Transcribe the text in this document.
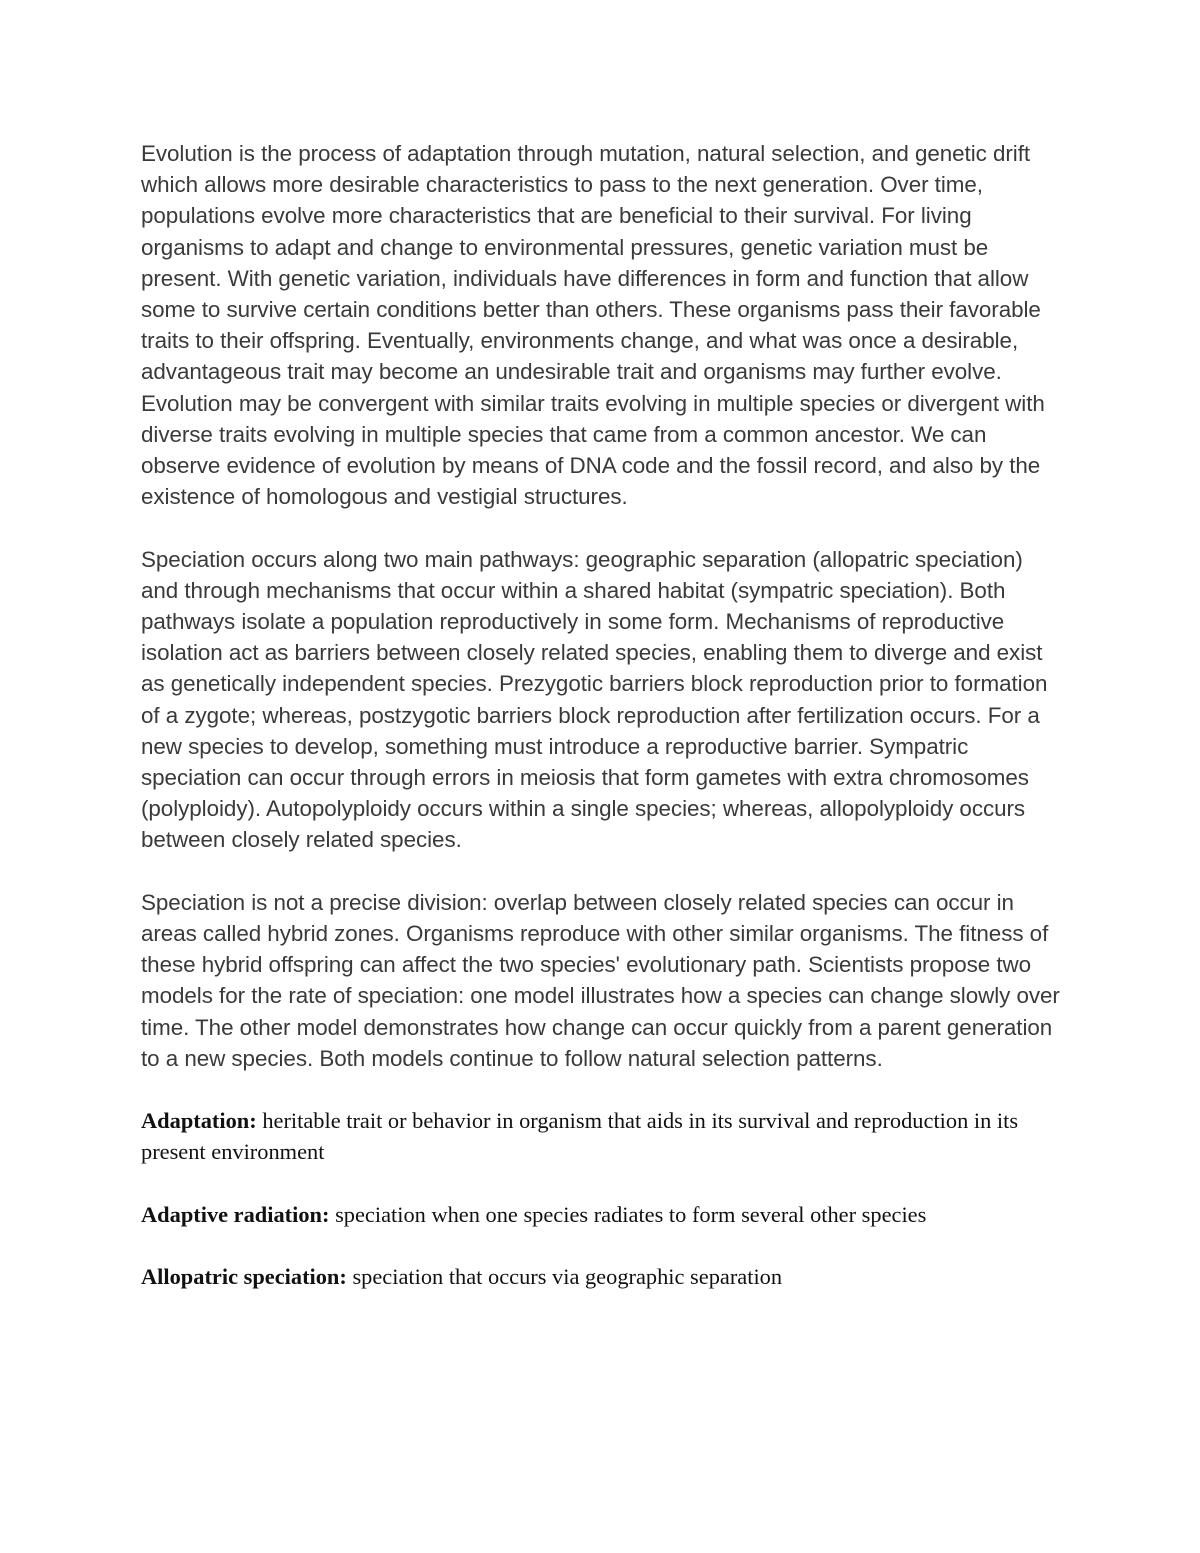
Evolution is the process of adaptation through mutation, natural selection, and genetic drift which allows more desirable characteristics to pass to the next generation. Over time, populations evolve more characteristics that are beneficial to their survival. For living organisms to adapt and change to environmental pressures, genetic variation must be present. With genetic variation, individuals have differences in form and function that allow some to survive certain conditions better than others. These organisms pass their favorable traits to their offspring. Eventually, environments change, and what was once a desirable, advantageous trait may become an undesirable trait and organisms may further evolve. Evolution may be convergent with similar traits evolving in multiple species or divergent with diverse traits evolving in multiple species that came from a common ancestor. We can observe evidence of evolution by means of DNA code and the fossil record, and also by the existence of homologous and vestigial structures.

Speciation occurs along two main pathways: geographic separation (allopatric speciation) and through mechanisms that occur within a shared habitat (sympatric speciation). Both pathways isolate a population reproductively in some form. Mechanisms of reproductive isolation act as barriers between closely related species, enabling them to diverge and exist as genetically independent species. Prezygotic barriers block reproduction prior to formation of a zygote; whereas, postzygotic barriers block reproduction after fertilization occurs. For a new species to develop, something must introduce a reproductive barrier. Sympatric speciation can occur through errors in meiosis that form gametes with extra chromosomes (polyploidy). Autopolyploidy occurs within a single species; whereas, allopolyploidy occurs between closely related species.

Speciation is not a precise division: overlap between closely related species can occur in areas called hybrid zones. Organisms reproduce with other similar organisms. The fitness of these hybrid offspring can affect the two species' evolutionary path. Scientists propose two models for the rate of speciation: one model illustrates how a species can change slowly over time. The other model demonstrates how change can occur quickly from a parent generation to a new species. Both models continue to follow natural selection patterns.

Adaptation: heritable trait or behavior in organism that aids in its survival and reproduction in its present environment

Adaptive radiation: speciation when one species radiates to form several other species

Allopatric speciation: speciation that occurs via geographic separation
